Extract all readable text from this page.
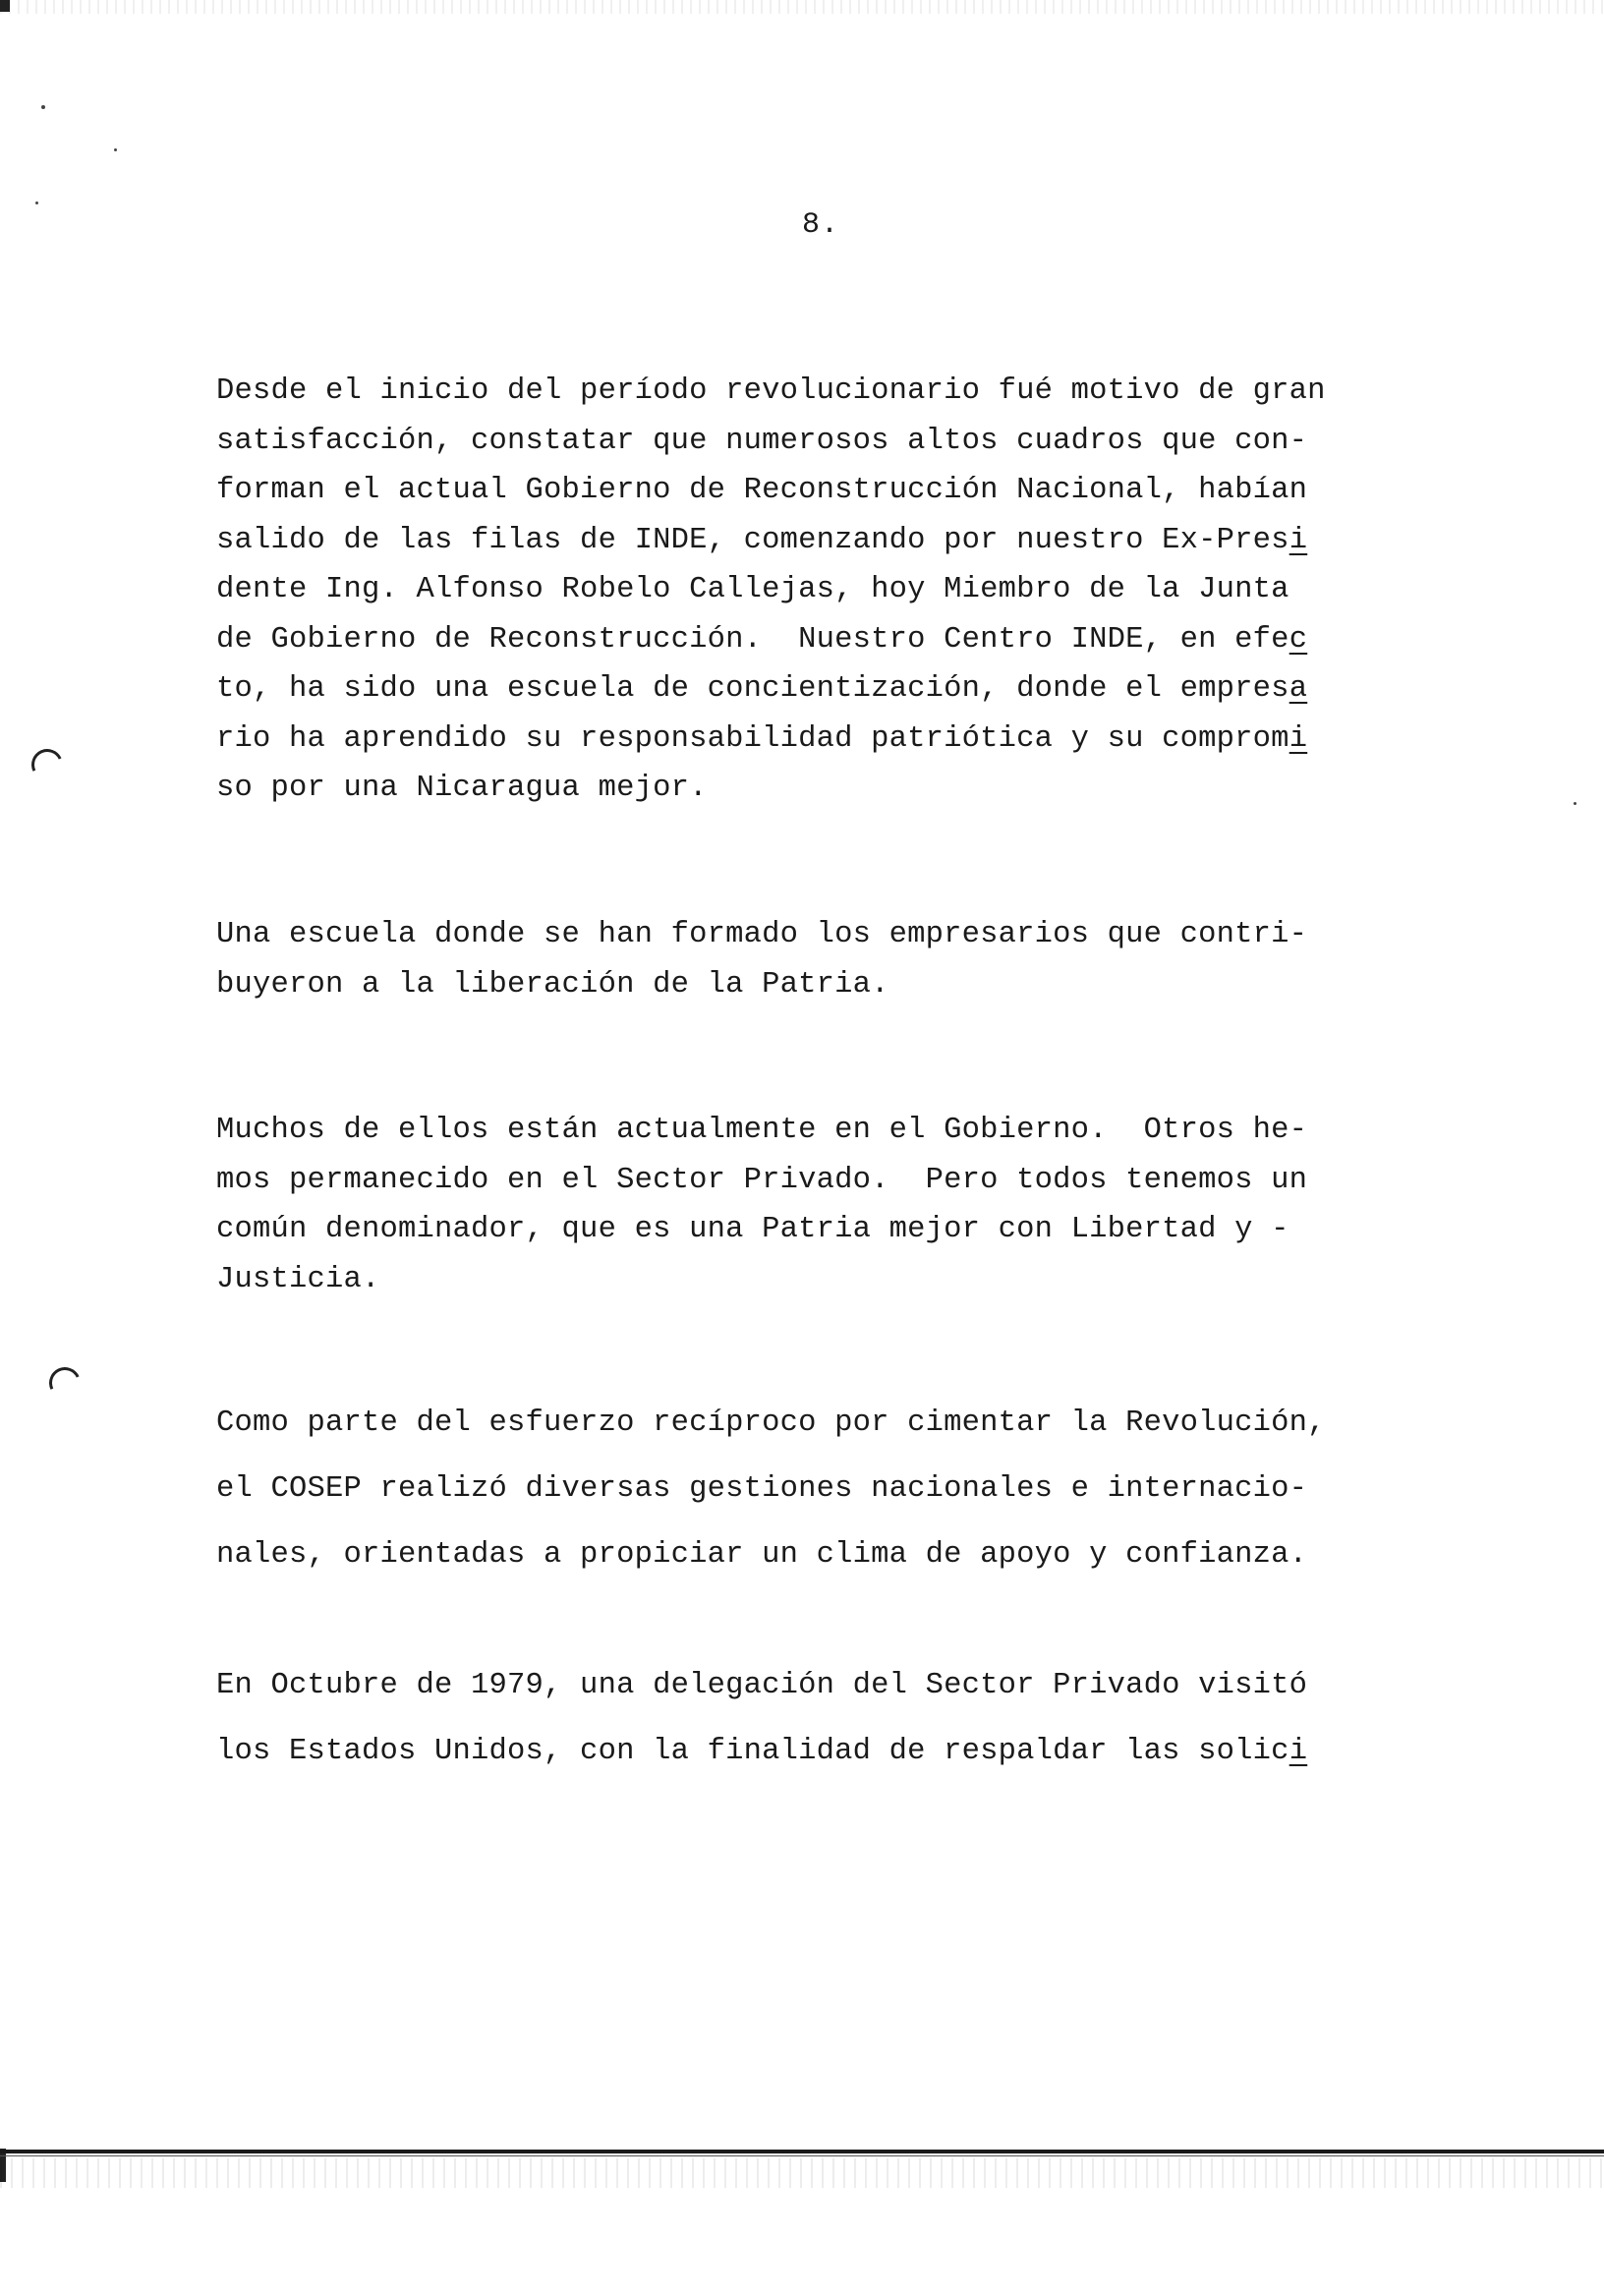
8.
Desde el inicio del período revolucionario fué motivo de gran
satisfacción, constatar que numerosos altos cuadros que con-
forman el actual Gobierno de Reconstrucción Nacional, habían
salido de las filas de INDE, comenzando por nuestro Ex-Presi
dente Ing. Alfonso Robelo Callejas, hoy Miembro de la Junta
de Gobierno de Reconstrucción.  Nuestro Centro INDE, en efec
to, ha sido una escuela de concientización, donde el empresa
rio ha aprendido su responsabilidad patriótica y su compromi
so por una Nicaragua mejor.
Una escuela donde se han formado los empresarios que contri-
buyeron a la liberación de la Patria.
Muchos de ellos están actualmente en el Gobierno.  Otros he-
mos permanecido en el Sector Privado.  Pero todos tenemos un
común denominador, que es una Patria mejor con Libertad y -
Justicia.
Como parte del esfuerzo recíproco por cimentar la Revolución,
el COSEP realizó diversas gestiones nacionales e internacio-
nales, orientadas a propiciar un clima de apoyo y confianza.
En Octubre de 1979, una delegación del Sector Privado visitó
los Estados Unidos, con la finalidad de respaldar las solici
